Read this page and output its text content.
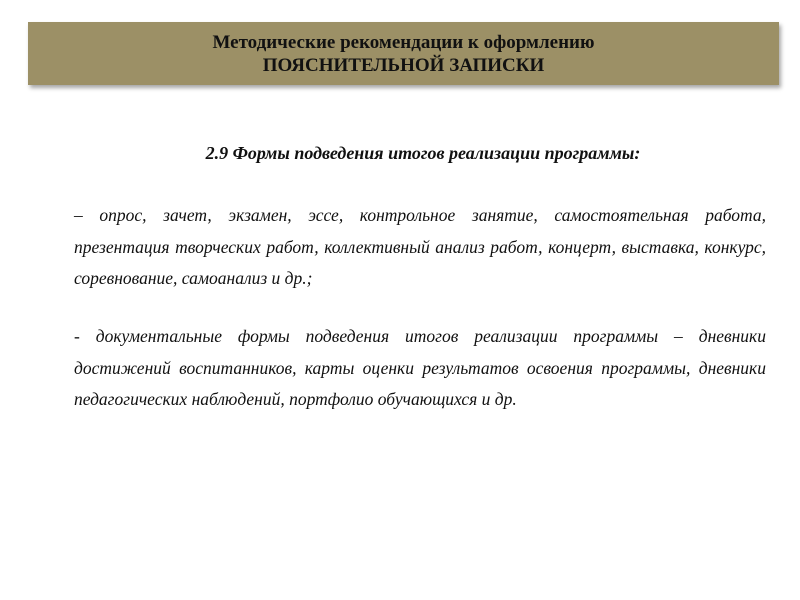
Методические рекомендации к оформлению
ПОЯСНИТЕЛЬНОЙ ЗАПИСКИ
2.9 Формы подведения итогов реализации программы:
– опрос, зачет, экзамен, эссе, контрольное занятие, самостоятельная работа, презентация творческих работ, коллективный анализ работ, концерт, выставка, конкурс, соревнование, самоанализ и др.;
- документальные формы подведения итогов реализации программы – дневники достижений воспитанников, карты оценки результатов освоения программы, дневники педагогических наблюдений, портфолио обучающихся и др.
